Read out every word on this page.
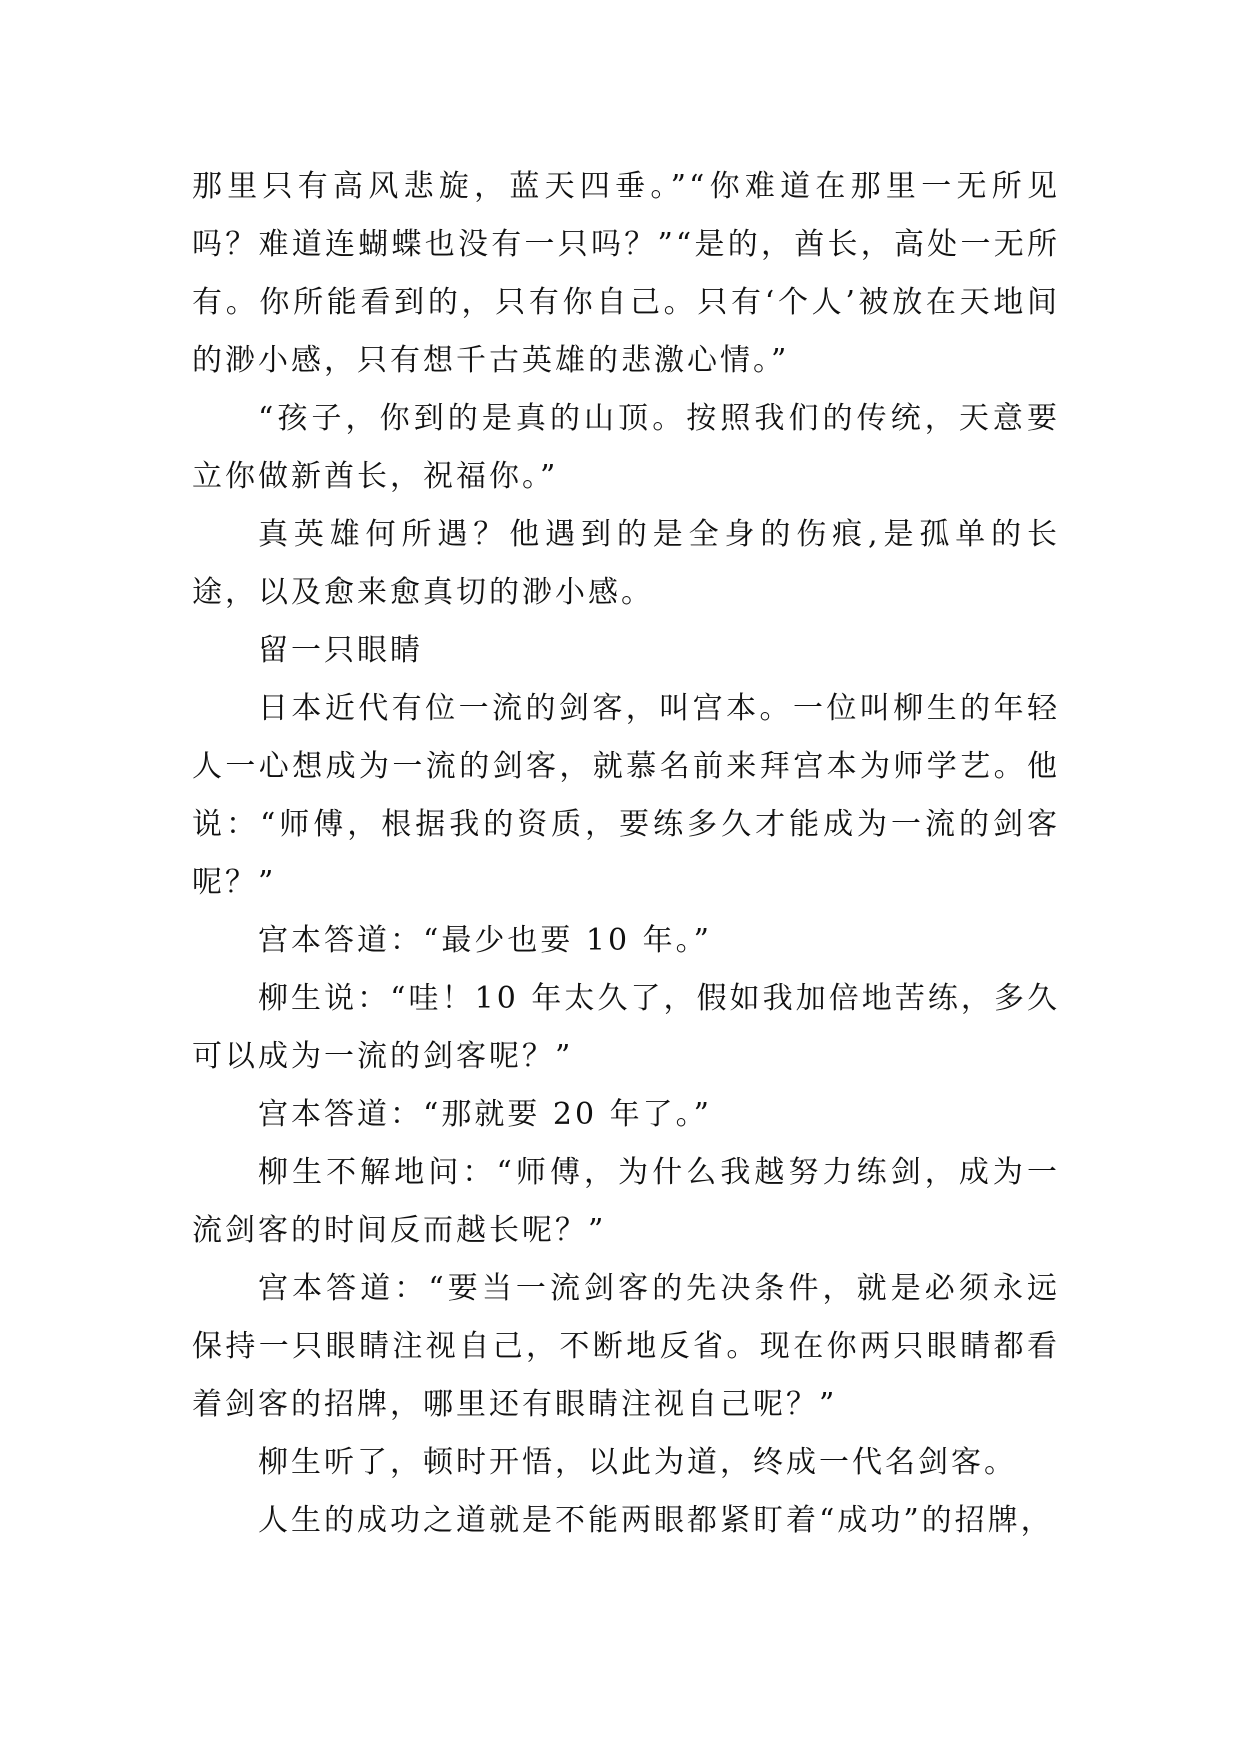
那里只有高风悲旋，蓝天四垂。”“你难道在那里一无所见吗？难道连蝴蝶也没有一只吗？”“是的，酋长，高处一无所有。你所能看到的，只有你自己。只有‘个人’被放在天地间的渺小感，只有想千古英雄的悲激心情。”

“孩子，你到的是真的山顶。按照我们的传统，天意要立你做新酋长，祝福你。”

真英雄何所遇？他遇到的是全身的伤痕,是孤单的长途，以及愈来愈真切的渺小感。

留一只眼睛

日本近代有位一流的剑客，叫宫本。一位叫柳生的年轻人一心想成为一流的剑客，就慕名前来拜宫本为师学艺。他说：“师傅，根据我的资质，要练多久才能成为一流的剑客呢？”

宫本答道：“最少也要 10 年。”

柳生说：“哇！10 年太久了，假如我加倍地苦练，多久可以成为一流的剑客呢？”

宫本答道：“那就要 20 年了。”

柳生不解地问：“师傅，为什么我越努力练剑，成为一流剑客的时间反而越长呢？”

宫本答道：“要当一流剑客的先决条件，就是必须永远保持一只眼睛注视自己，不断地反省。现在你两只眼睛都看着剑客的招牌，哪里还有眼睛注视自己呢？”

柳生听了，顿时开悟，以此为道，终成一代名剑客。

人生的成功之道就是不能两眼都紧盯着“成功”的招牌，
